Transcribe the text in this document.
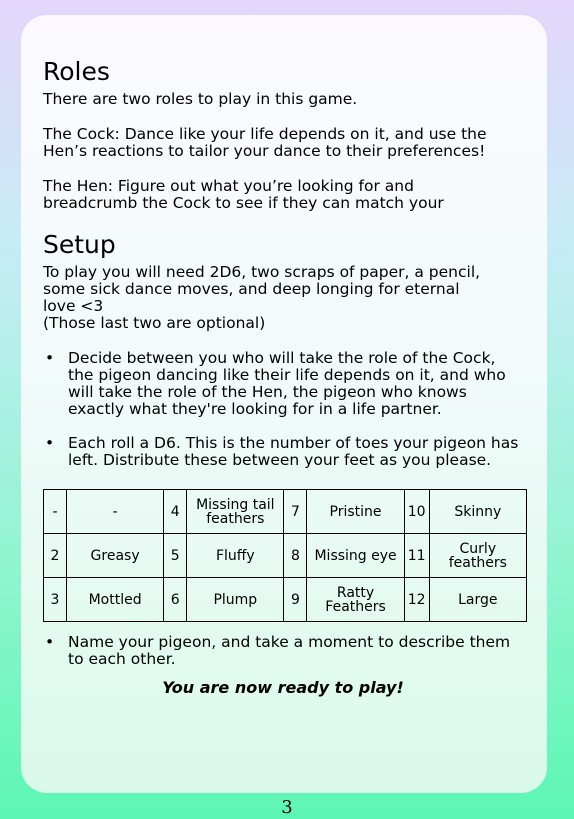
Roles

There are two roles to play in this game.

The Cock: Dance like your life depends on it, and use the Hen’s reactions to tailor your dance to their preferences!

The Hen: Figure out what you’re looking for and
breadcrumb the Cock to see if they can match your

Setup
To play you will need 2D6, two scraps of paper, a pencil,
some sick dance moves, and deep longing for eternal
love <3
(Those last two are optional)
• Decide between you who will take the role of the Cock, the pigeon dancing like their life depends on it, and who will take the role of the Hen, the pigeon who knows exactly what they're looking for in a life partner.
• Each roll a D6. This is the number of toes your pigeon has left. Distribute these between your feet as you please.
-	-	4	Missing tail feathers	7	Pristine	10	Skinny
2	Greasy	5	Fluffy	8	Missing eye	11	Curly feathers
3	Mottled	6	Plump	9	Ratty Feathers	12	Large
• Name your pigeon, and take a moment to describe them to each other.
You are now ready to play!
3
